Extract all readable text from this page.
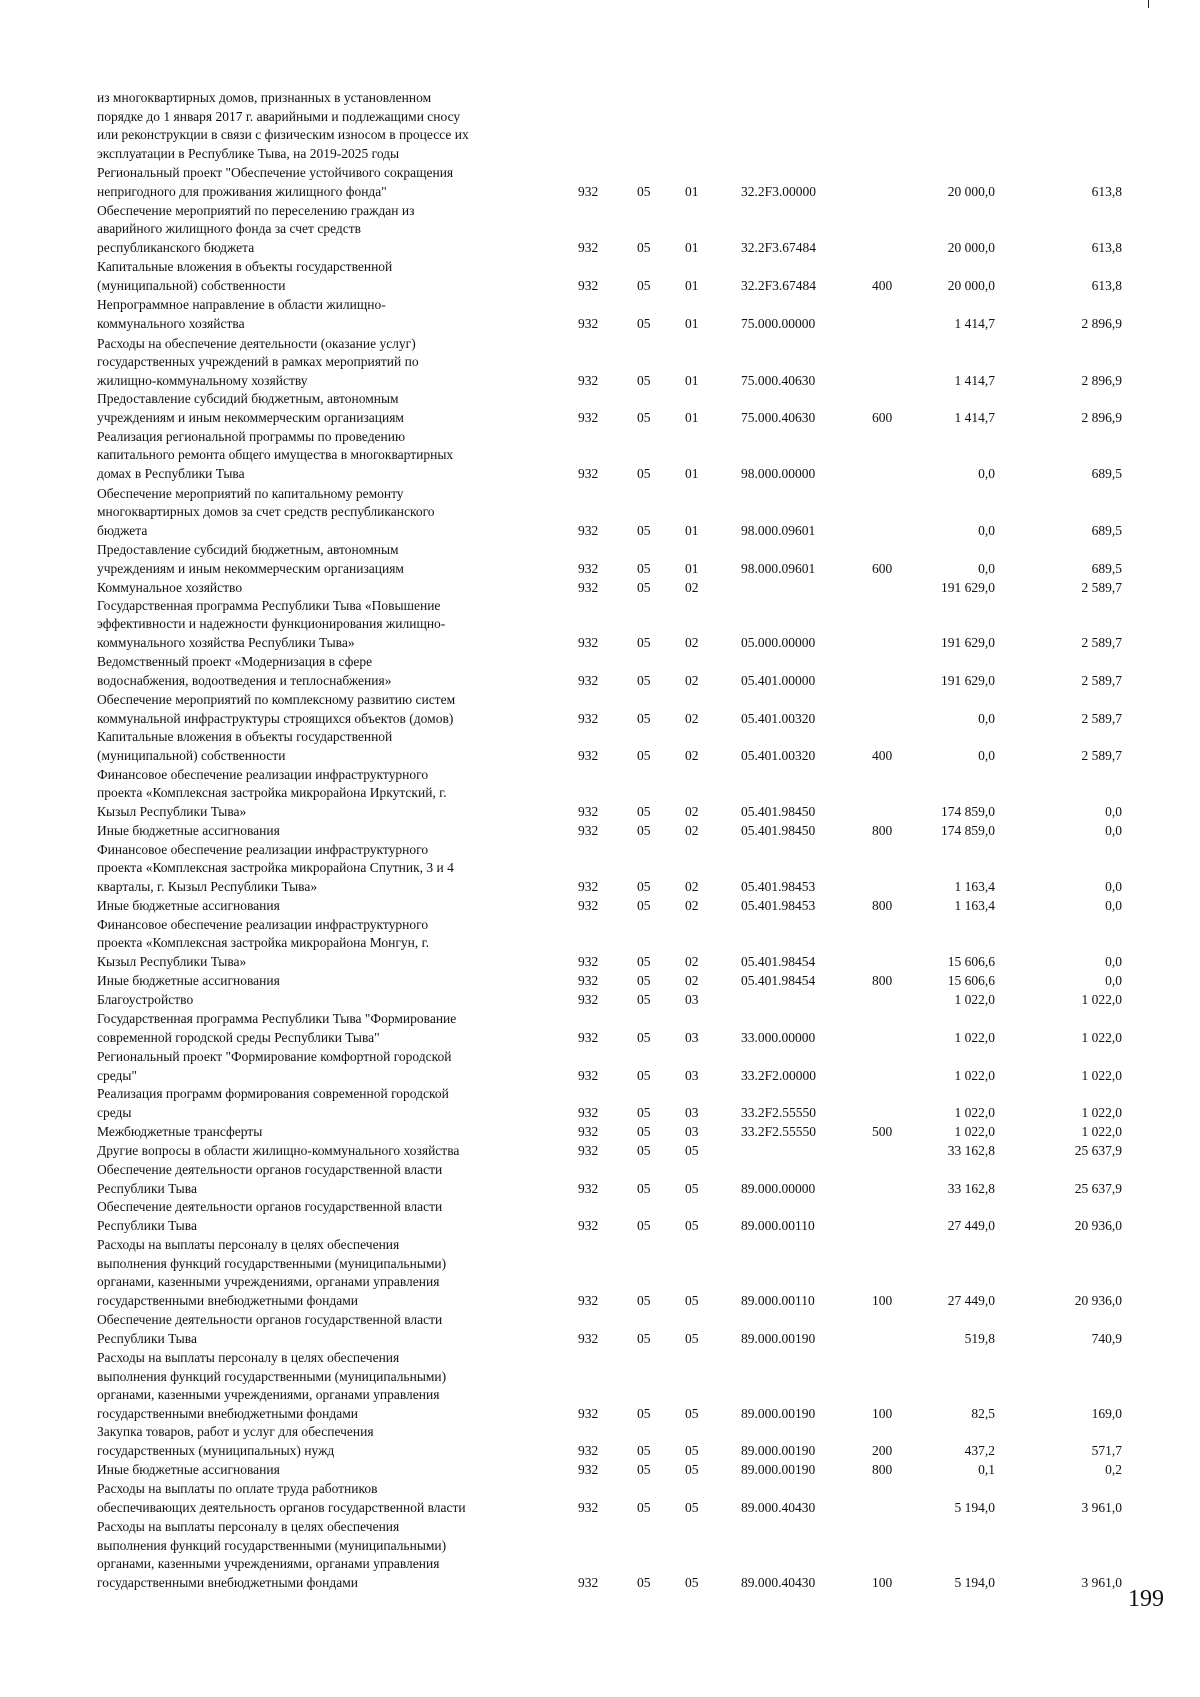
из многоквартирных домов, признанных в установленном
порядке до 1 января 2017 г. аварийными и подлежащими сносу
или реконструкции в связи с физическим износом в процессе их
эксплуатации в Республике Тыва, на 2019-2025 годы
Региональный проект "Обеспечение устойчивого сокращения
непригодного для проживания жилищного фонда"	932	05	01	32.2F3.00000	20 000,0	613,8
Обеспечение мероприятий по переселению граждан из
аварийного жилищного фонда за счет средств
республиканского бюджета	932	05	01	32.2F3.67484	20 000,0	613,8
Капитальные вложения в объекты государственной
(муниципальной) собственности	932	05	01	32.2F3.67484	400	20 000,0	613,8
Непрограммное направление в области жилищно-
коммунального хозяйства	932	05	01	75.000.00000	1 414,7	2 896,9
Расходы на обеспечение деятельности (оказание услуг)
государственных учреждений в рамках мероприятий по
жилищно-коммунальному хозяйству	932	05	01	75.000.40630	1 414,7	2 896,9
Предоставление субсидий бюджетным, автономным
учреждениям и иным некоммерческим организациям	932	05	01	75.000.40630	600	1 414,7	2 896,9
Реализация региональной программы по проведению
капитального ремонта общего имущества в многоквартирных
домах в Республики Тыва	932	05	01	98.000.00000	0,0	689,5
Обеспечение мероприятий по капитальному ремонту
многоквартирных домов за счет средств республиканского
бюджета	932	05	01	98.000.09601	0,0	689,5
Предоставление субсидий бюджетным, автономным
учреждениям и иным некоммерческим организациям	932	05	01	98.000.09601	600	0,0	689,5
Коммунальное хозяйство	932	05	02	191 629,0	2 589,7
Государственная программа Республики Тыва «Повышение
эффективности и надежности функционирования жилищно-
коммунального хозяйства Республики Тыва»	932	05	02	05.000.00000	191 629,0	2 589,7
Ведомственный проект «Модернизация в сфере
водоснабжения, водоотведения и теплоснабжения»	932	05	02	05.401.00000	191 629,0	2 589,7
Обеспечение мероприятий по комплексному развитию систем
коммунальной инфраструктуры строящихся объектов (домов)	932	05	02	05.401.00320	0,0	2 589,7
Капитальные вложения в объекты государственной
(муниципальной) собственности	932	05	02	05.401.00320	400	0,0	2 589,7
Финансовое обеспечение реализации инфраструктурного
проекта «Комплексная застройка микрорайона Иркутский, г.
Кызыл Республики Тыва»	932	05	02	05.401.98450	174 859,0	0,0
Иные бюджетные ассигнования	932	05	02	05.401.98450	800	174 859,0	0,0
Финансовое обеспечение реализации инфраструктурного
проекта «Комплексная застройка микрорайона Спутник, 3 и 4
кварталы, г. Кызыл Республики Тыва»	932	05	02	05.401.98453	1 163,4	0,0
Иные бюджетные ассигнования	932	05	02	05.401.98453	800	1 163,4	0,0
Финансовое обеспечение реализации инфраструктурного
проекта «Комплексная застройка микрорайона Монгун, г.
Кызыл Республики Тыва»	932	05	02	05.401.98454	15 606,6	0,0
Иные бюджетные ассигнования	932	05	02	05.401.98454	800	15 606,6	0,0
Благоустройство	932	05	03	1 022,0	1 022,0
Государственная программа Республики Тыва "Формирование
современной городской среды Республики Тыва"	932	05	03	33.000.00000	1 022,0	1 022,0
Региональный проект "Формирование комфортной городской
среды"	932	05	03	33.2F2.00000	1 022,0	1 022,0
Реализация программ формирования современной городской
среды	932	05	03	33.2F2.55550	1 022,0	1 022,0
Межбюджетные трансферты	932	05	03	33.2F2.55550	500	1 022,0	1 022,0
Другие вопросы в области жилищно-коммунального хозяйства	932	05	05	33 162,8	25 637,9
Обеспечение деятельности органов государственной власти
Республики Тыва	932	05	05	89.000.00000	33 162,8	25 637,9
Обеспечение деятельности органов государственной власти
Республики Тыва	932	05	05	89.000.00110	27 449,0	20 936,0
Расходы на выплаты персоналу в целях обеспечения
выполнения функций государственными (муниципальными)
органами, казенными учреждениями, органами управления
государственными внебюджетными фондами	932	05	05	89.000.00110	100	27 449,0	20 936,0
Обеспечение деятельности органов государственной власти
Республики Тыва	932	05	05	89.000.00190	519,8	740,9
Расходы на выплаты персоналу в целях обеспечения
выполнения функций государственными (муниципальными)
органами, казенными учреждениями, органами управления
государственными внебюджетными фондами	932	05	05	89.000.00190	100	82,5	169,0
Закупка товаров, работ и услуг для обеспечения
государственных (муниципальных) нужд	932	05	05	89.000.00190	200	437,2	571,7
Иные бюджетные ассигнования	932	05	05	89.000.00190	800	0,1	0,2
Расходы на выплаты по оплате труда работников
обеспечивающих деятельность органов государственной власти	932	05	05	89.000.40430	5 194,0	3 961,0
Расходы на выплаты персоналу в целях обеспечения
выполнения функций государственными (муниципальными)
органами, казенными учреждениями, органами управления
государственными внебюджетными фондами	932	05	05	89.000.40430	100	5 194,0	3 961,0
199
